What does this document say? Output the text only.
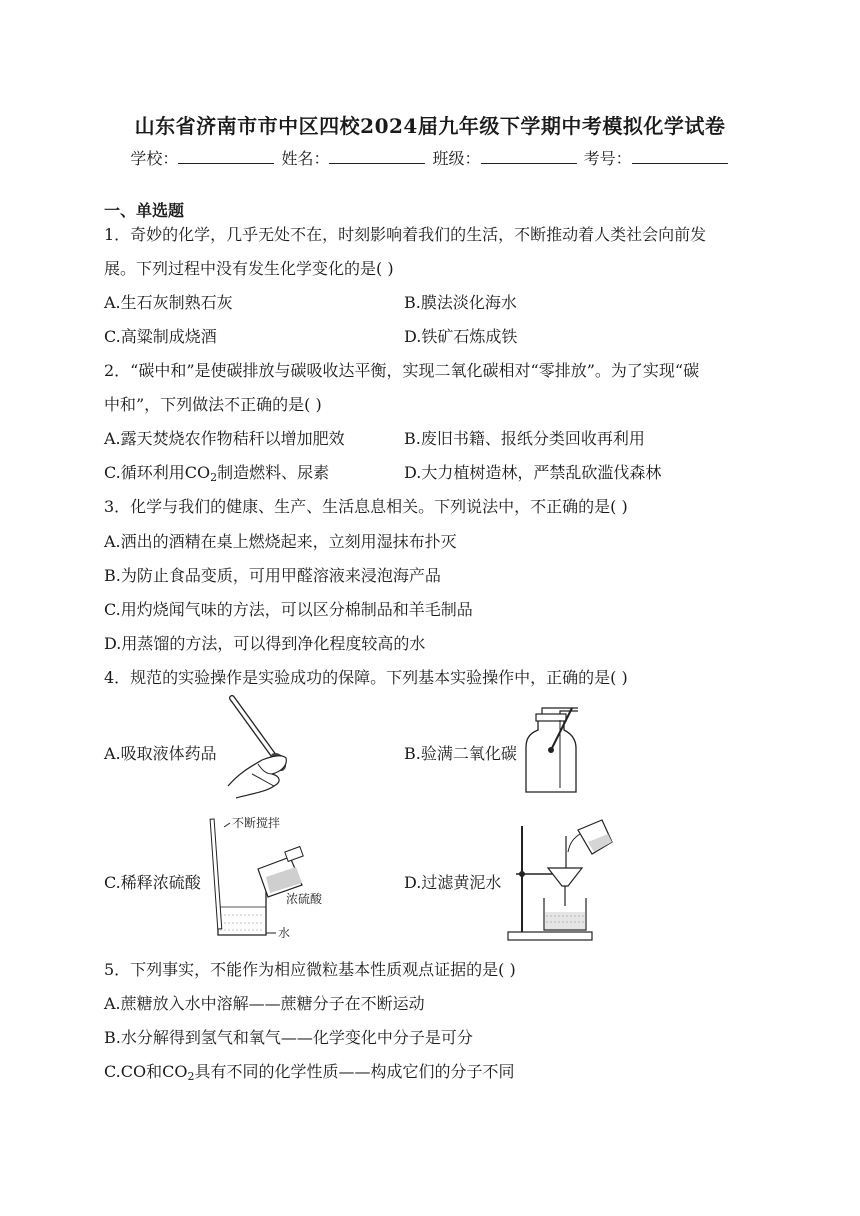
山东省济南市市中区四校2024届九年级下学期中考模拟化学试卷
学校：	姓名：	班级：	考号：
一、单选题
1．奇妙的化学，几乎无处不在，时刻影响着我们的生活，不断推动着人类社会向前发
展。下列过程中没有发生化学变化的是( )
A.生石灰制熟石灰	B.膜法淡化海水
C.高粱制成烧酒	D.铁矿石炼成铁
2．“碳中和”是使碳排放与碳吸收达平衡，实现二氧化碳相对“零排放”。为了实现“碳
中和”，下列做法不正确的是( )
A.露天焚烧农作物秸秆以增加肥效	B.废旧书籍、报纸分类回收再利用
C.循环利用$CO_2$制造燃料、尿素	D.大力植树造林，严禁乱砍滥伐森林
3．化学与我们的健康、生产、生活息息相关。下列说法中，不正确的是( )
A.洒出的酒精在桌上燃烧起来，立刻用湿抹布扑灭
B.为防止食品变质，可用甲醛溶液来浸泡海产品
C.用灼烧闻气味的方法，可以区分棉制品和羊毛制品
D.用蒸馏的方法，可以得到净化程度较高的水
4．规范的实验操作是实验成功的保障。下列基本实验操作中，正确的是( )
A.吸取液体药品	B.验满二氧化碳
C.稀释浓硫酸
不断搅拌
浓硫酸
水
D.过滤黄泥水
5．下列事实，不能作为相应微粒基本性质观点证据的是( )
A.蔗糖放入水中溶解——蔗糖分子在不断运动
B.水分解得到氢气和氧气——化学变化中分子是可分
C.CO和$CO_2$具有不同的化学性质——构成它们的分子不同
